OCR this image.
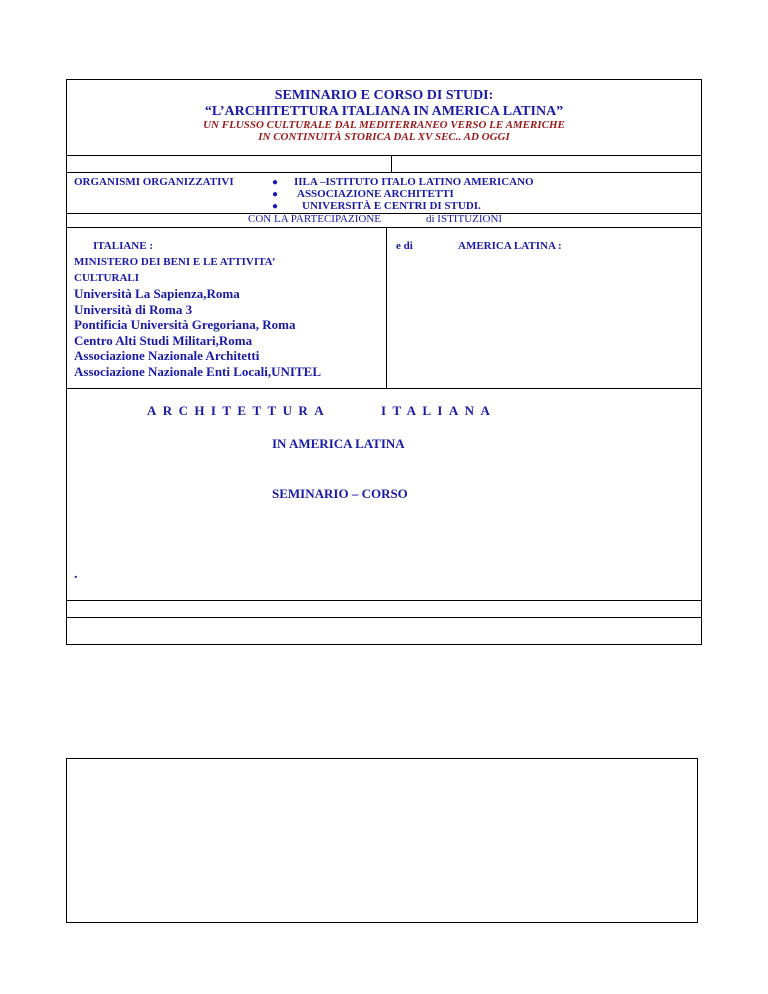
SEMINARIO E CORSO DI STUDI:
“L’ARCHITETTURA ITALIANA IN AMERICA LATINA”
UN FLUSSO CULTURALE DAL MEDITERRANEO VERSO LE AMERICHE
IN CONTINUITÀ STORICA DAL XV SEC.. AD OGGI
ORGANISMI ORGANIZZATIVI	● IILA –ISTITUTO ITALO LATINO AMERICANO
● ASSOCIAZIONE ARCHITETTI
● UNIVERSITÀ E CENTRI DI STUDI.
CON LA PARTECIPAZIONE	di ISTITUZIONI
ITALIANE :
MINISTERO DEI BENI E LE ATTIVITA’
CULTURALI
Università La Sapienza,Roma
Università di Roma 3
Pontificia Università Gregoriana, Roma
Centro Alti Studi Militari,Roma
Associazione Nazionale Architetti
Associazione Nazionale Enti Locali,UNITEL
e di	AMERICA LATINA :
ARCHITETTURA	ITALIANA
IN AMERICA LATINA
SEMINARIO – CORSO
.
